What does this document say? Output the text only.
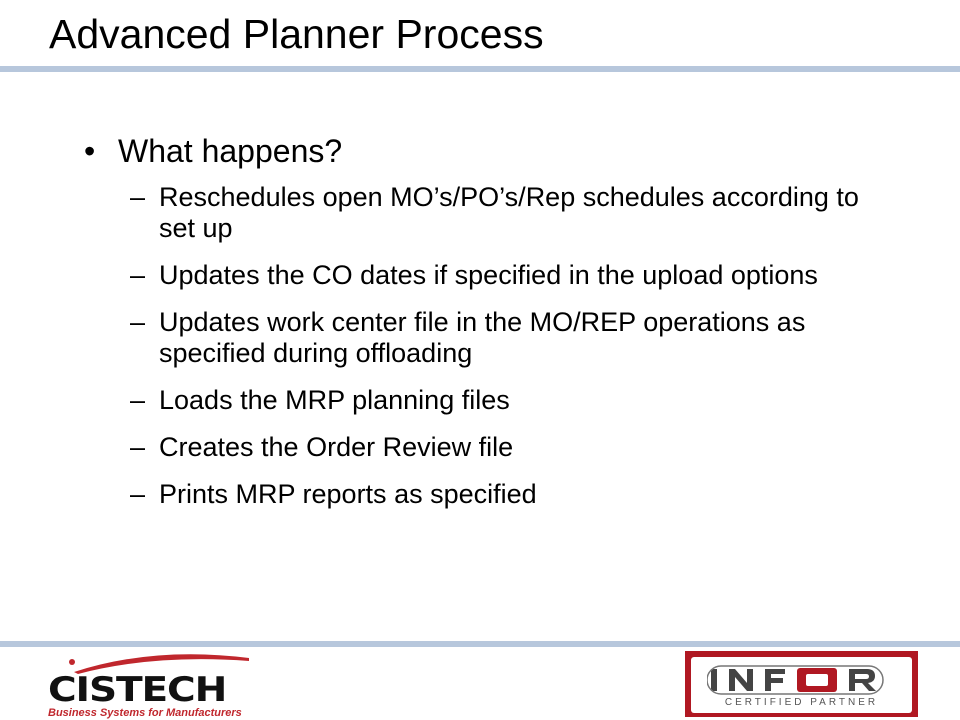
Advanced Planner Process
• What happens?
– Reschedules open MO’s/PO’s/Rep schedules according to set up
– Updates the CO dates if specified in the upload options
– Updates work center file in the MO/REP operations as specified during offloading
– Loads the MRP planning files
– Creates the Order Review file
– Prints MRP reports as specified
CISTECH
Business Systems for Manufacturers
CERTIFIED PARTNER
